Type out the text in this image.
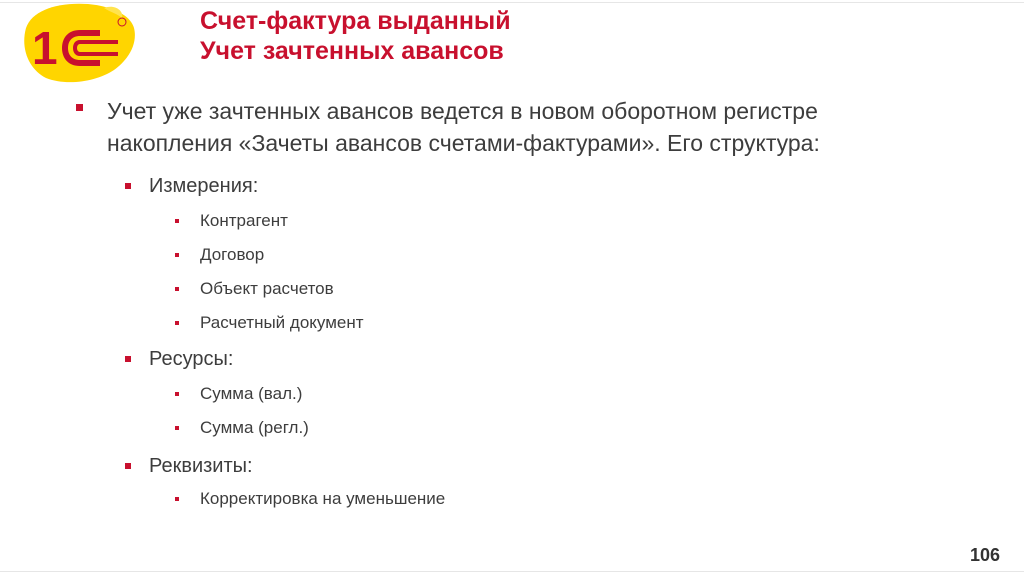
1
Счет-фактура выданный
Учет зачтенных авансов
Учет уже зачтенных авансов ведется в новом оборотном регистре накопления «Зачеты авансов счетами-фактурами». Его структура:
Измерения:
Контрагент
Договор
Объект расчетов
Расчетный документ
Ресурсы:
Сумма (вал.)
Сумма (регл.)
Реквизиты:
Корректировка на уменьшение
106
